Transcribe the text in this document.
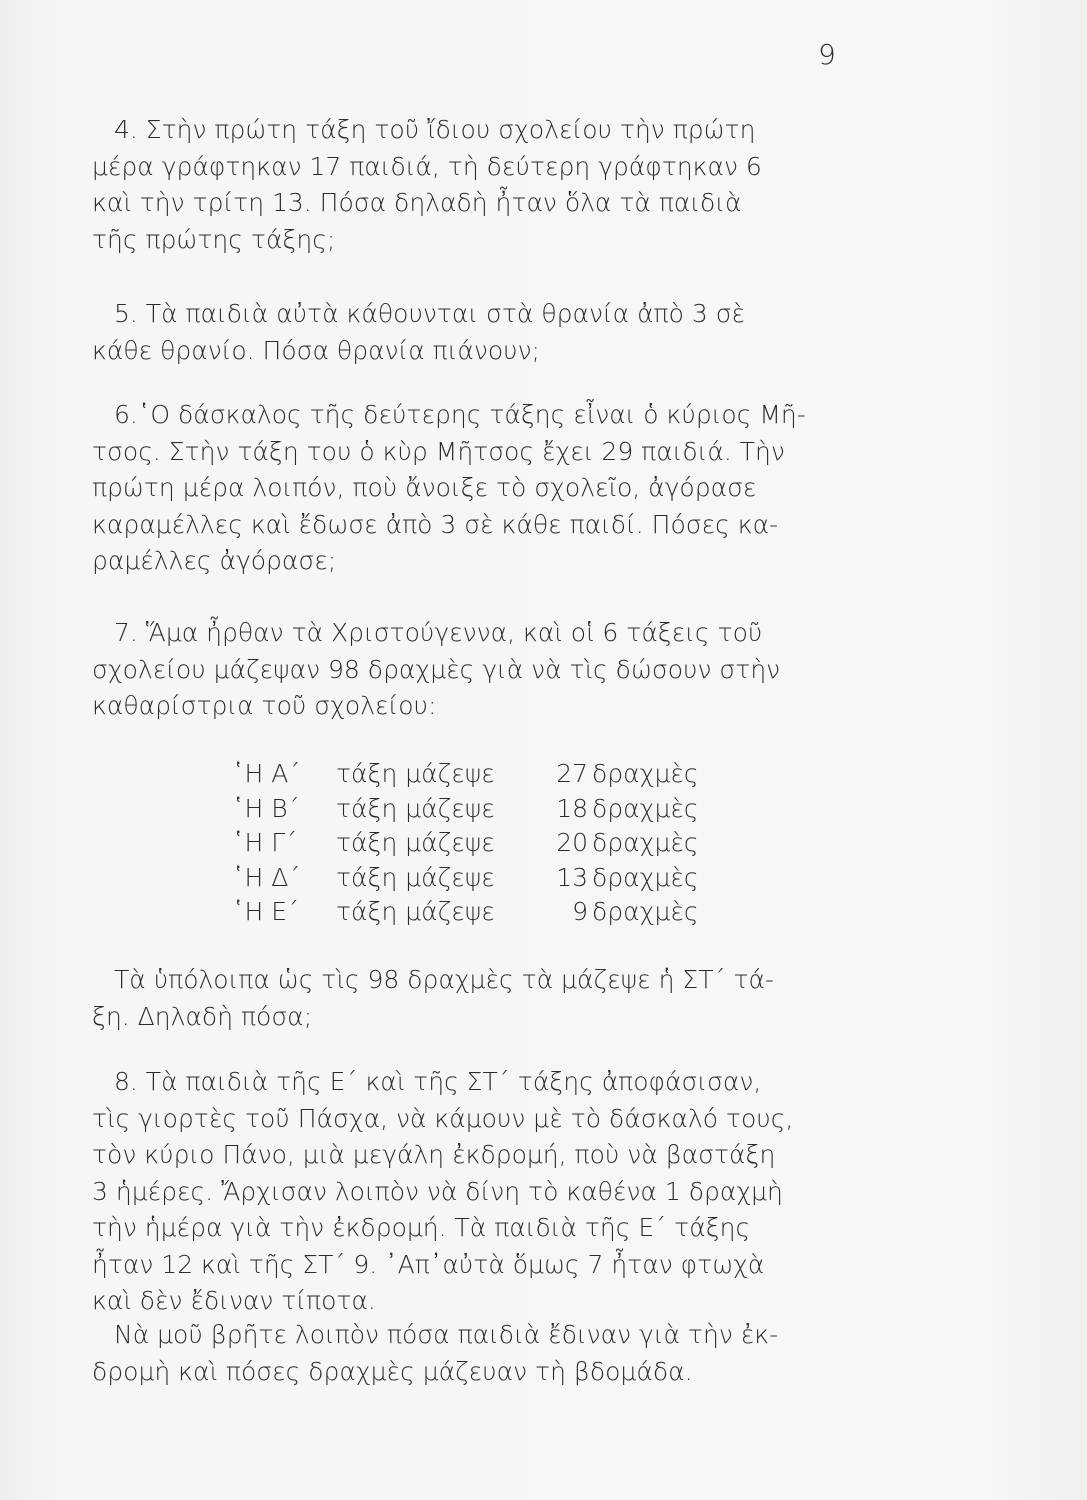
9
4. Στὴν πρώτη τάξη τοῦ ἴδιου σχολείου τὴν πρώτη
μέρα γράφτηκαν 17 παιδιά, τὴ δεύτερη γράφτηκαν 6
καὶ τὴν τρίτη 13. Πόσα δηλαδὴ ἦταν ὅλα τὰ παιδιὰ
τῆς πρώτης τάξης;
5. Τὰ παιδιὰ αὐτὰ κάθουνται στὰ θρανία ἀπὸ 3 σὲ
κάθε θρανίο. Πόσα θρανία πιάνουν;
6.῾Ο δάσκαλος τῆς δεύτερης τάξης εἶναι ὁ κύριος Μῆ-
τσος. Στὴν τάξη του ὁ κὺρ Μῆτσος ἔχει 29 παιδιά. Τὴν
πρώτη μέρα λοιπόν, ποὺ ἄνοιξε τὸ σχολεῖο, ἀγόρασε
καραμέλλες καὶ ἔδωσε ἀπὸ 3 σὲ κάθε παιδί. Πόσες κα-
ραμέλλες ἀγόρασε;
7. Ἅμα ἦρθαν τὰ Χριστούγεννα, καὶ οἱ 6 τάξεις τοῦ
σχολείου μάζεψαν 98 δραχμὲς γιὰ νὰ τὶς δώσουν στὴν
καθαρίστρια τοῦ σχολείου:
῾Η Α΄	τάξη μάζεψε	27 δραχμὲς
῾Η Β΄	τάξη μάζεψε	18 δραχμὲς
῾Η Γ΄	τάξη μάζεψε	20 δραχμὲς
῾Η Δ΄	τάξη μάζεψε	13 δραχμὲς
῾Η Ε΄	τάξη μάζεψε	9 δραχμὲς
Τὰ ὑπόλοιπα ὡς τὶς 98 δραχμὲς τὰ μάζεψε ἡ ΣΤ΄ τά-
ξη. Δηλαδὴ πόσα;
8. Τὰ παιδιὰ τῆς Ε΄ καὶ τῆς ΣΤ΄ τάξης ἀποφάσισαν,
τὶς γιορτὲς τοῦ Πάσχα, νὰ κάμουν μὲ τὸ δάσκαλό τους,
τὸν κύριο Πάνο, μιὰ μεγάλη ἐκδρομή, ποὺ νὰ βαστάξη
3 ἡμέρες. Ἄρχισαν λοιπὸν νὰ δίνη τὸ καθένα 1 δραχμὴ
τὴν ἡμέρα γιὰ τὴν ἐκδρομή. Τὰ παιδιὰ τῆς Ε΄ τάξης
ἦταν 12 καὶ τῆς ΣΤ΄ 9. ᾿Απ᾿αὐτὰ ὅμως 7 ἦταν φτωχὰ
καὶ δὲν ἔδιναν τίποτα.
Νὰ μοῦ βρῆτε λοιπὸν πόσα παιδιὰ ἔδιναν γιὰ τὴν ἐκ-
δρομὴ καὶ πόσες δραχμὲς μάζευαν τὴ βδομάδα.
